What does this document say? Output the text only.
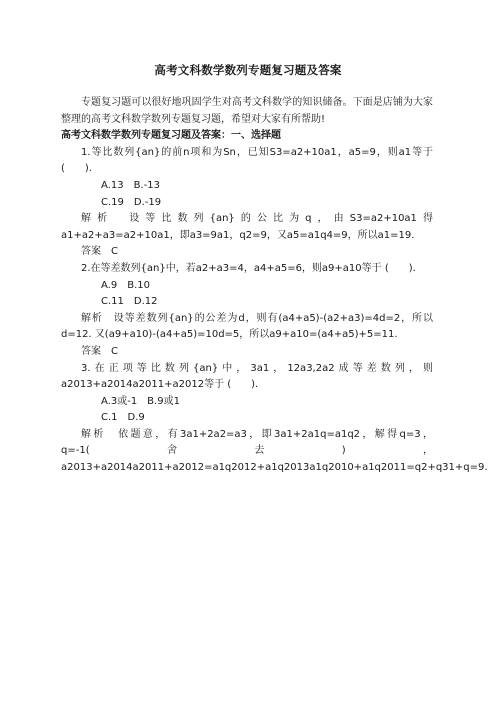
高考文科数学数列专题复习题及答案

专题复习题可以很好地巩固学生对高考文科数学的知识储备。下面是店铺为大家整理的高考文科数学数列专题复习题，希望对大家有所帮助!

高考文科数学数列专题复习题及答案：一、选择题

1.等比数列{an}的前n项和为Sn，已知S3=a2+10a1，a5=9，则a1等于 (　　).

A.13　B.-13

C.19　D.-19

解析　设等比数列{an}的公比为q，由S3=a2+10a1得a1+a2+a3=a2+10a1，即a3=9a1，q2=9，又a5=a1q4=9，所以a1=19.

答案　C

2.在等差数列{an}中，若a2+a3=4，a4+a5=6，则a9+a10等于 (　　).

A.9　B.10

C.11　D.12

解析　设等差数列{an}的公差为d，则有(a4+a5)-(a2+a3)=4d=2，所以d=12. 又(a9+a10)-(a4+a5)=10d=5，所以a9+a10=(a4+a5)+5=11.

答案　C

3.在正项等比数列{an}中，3a1，12a3,2a2成等差数列，则a2013+a2014a2011+a2012等于 (　　).

A.3或-1　B.9或1

C.1　D.9

解析　依题意，有3a1+2a2=a3，即3a1+2a1q=a1q2，解得q=3，q=-1(舍去)，a2013+a2014a2011+a2012=a1q2012+a1q2013a1q2010+a1q2011=q2+q31+q=9.
